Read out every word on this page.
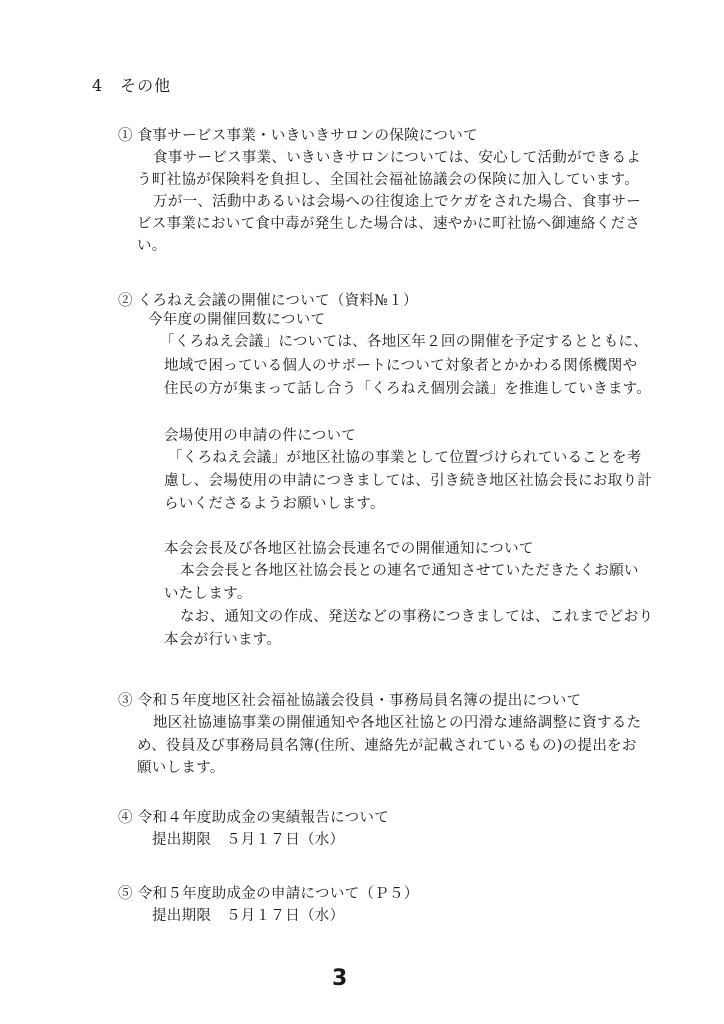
4　その他
① 食事サービス事業・いきいきサロンの保険について
食事サービス事業、いきいきサロンについては、安心して活動ができるよ
う町社協が保険料を負担し、全国社会福祉協議会の保険に加入しています。
万が一、活動中あるいは会場への往復途上でケガをされた場合、食事サー
ビス事業において食中毒が発生した場合は、速やかに町社協へ御連絡くださ
い。
② くろねえ会議の開催について（資料№１）
今年度の開催回数について
「くろねえ会議」については、各地区年２回の開催を予定するとともに、
地域で困っている個人のサポートについて対象者とかかわる関係機関や
住民の方が集まって話し合う「くろねえ個別会議」を推進していきます。
会場使用の申請の件について
「くろねえ会議」が地区社協の事業として位置づけられていることを考
慮し、会場使用の申請につきましては、引き続き地区社協会長にお取り計
らいくださるようお願いします。
本会会長及び各地区社協会長連名での開催通知について
本会会長と各地区社協会長との連名で通知させていただきたくお願い
いたします。
なお、通知文の作成、発送などの事務につきましては、これまでどおり
本会が行います。
③ 令和５年度地区社会福祉協議会役員・事務局員名簿の提出について
地区社協連協事業の開催通知や各地区社協との円滑な連絡調整に資するた
め、役員及び事務局員名簿(住所、連絡先が記載されているもの)の提出をお
願いします。
④ 令和４年度助成金の実績報告について
提出期限　５月１７日（水）
⑤ 令和５年度助成金の申請について（Ｐ５）
提出期限　５月１７日（水）
3
